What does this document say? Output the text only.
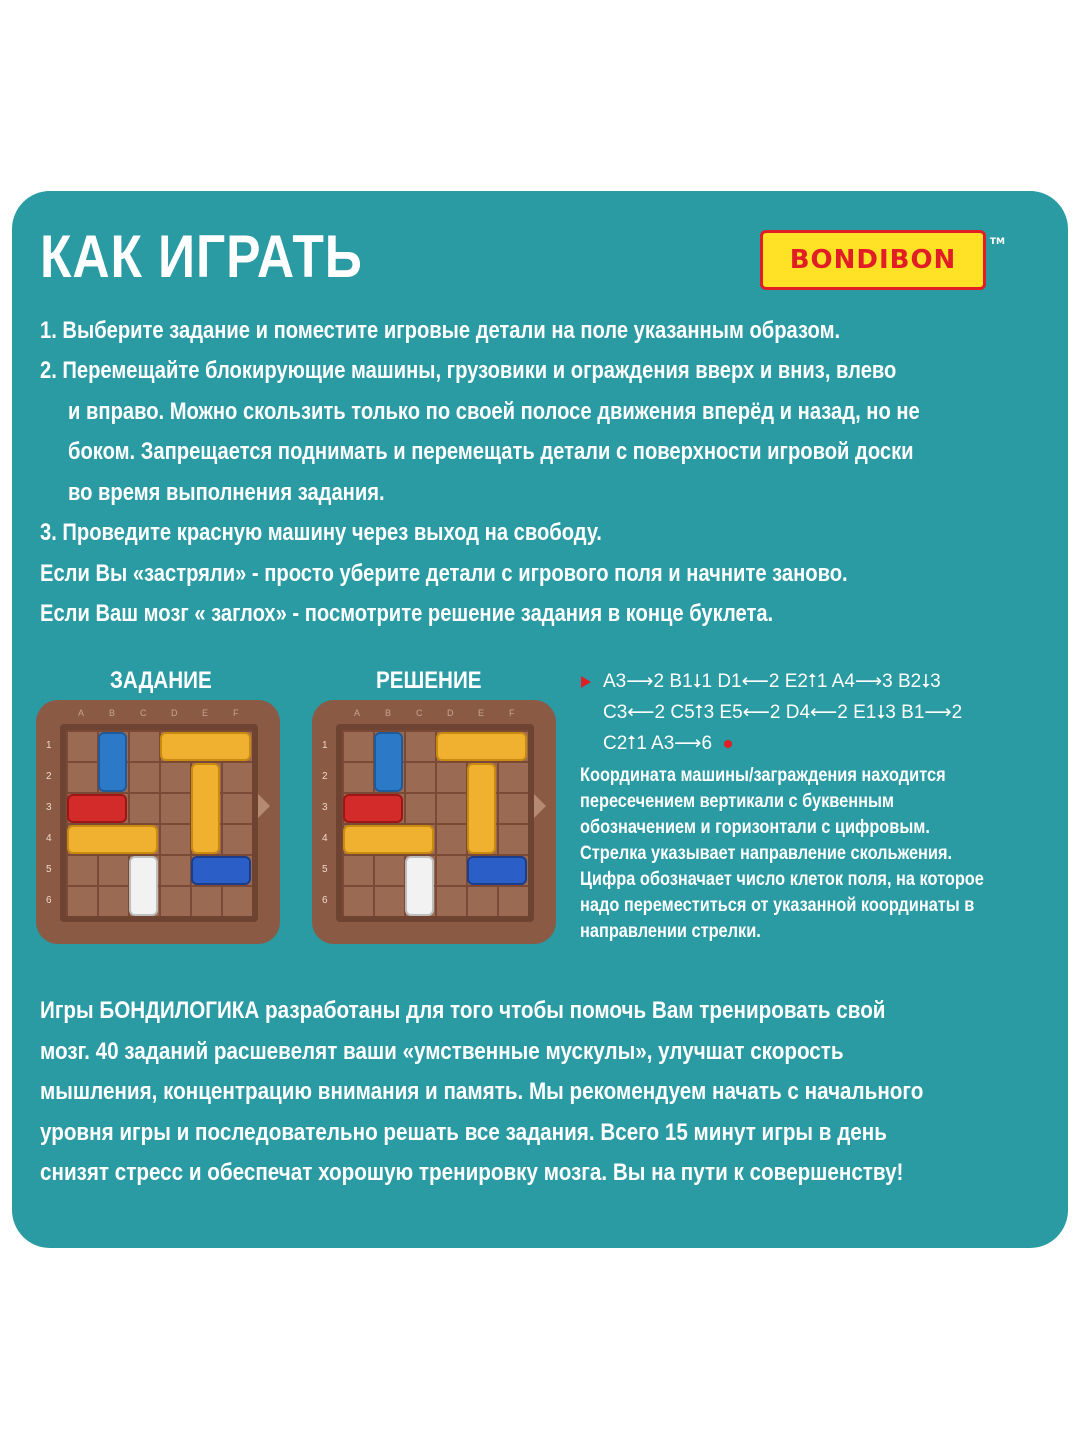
КАК ИГРАТЬ	BONDIBON
TM

1. Выберите задание и поместите игровые детали на поле указанным образом.

2. Перемещайте блокирующие машины, грузовики и ограждения вверх и вниз, влево

и вправо. Можно скользить только по своей полосе движения вперёд и назад, но не

боком. Запрещается поднимать и перемещать детали с поверхности игровой доски

во время выполнения задания.

3. Проведите красную машину через выход на свободу.

Если Вы «застряли» - просто уберите детали с игрового поля и начните заново.

Если Ваш мозг « заглох» - посмотрите решение задания в конце буклета.

ЗАДАНИЕ	РЕШЕНИЕ

A	B	C	D	E	F
1
2
3
4
5
6
A	B	C	D	E	F
1
2
3
4
5
6

A3⟶2 B1⭣1 D1⟵2 E2⭡1 A4⟶3 B2⭣3

C3⟵2 C5⭡3 E5⟵2 D4⟵2 E1⭣3 B1⟶2

C2⭡1 A3⟶6

Координата машины/заграждения находится

пересечением вертикали с буквенным

обозначением и горизонтали с цифровым.

Стрелка указывает направление скольжения.

Цифра обозначает число клеток поля, на которое

надо переместиться от указанной координаты в

направлении стрелки.

Игры БОНДИЛОГИКА разработаны для того чтобы помочь Вам тренировать свой

мозг. 40 заданий расшевелят ваши «умственные мускулы», улучшат скорость

мышления, концентрацию внимания и память. Мы рекомендуем начать с начального

уровня игры и последовательно решать все задания. Всего 15 минут игры в день

снизят стресс и обеспечат хорошую тренировку мозга. Вы на пути к совершенству!
